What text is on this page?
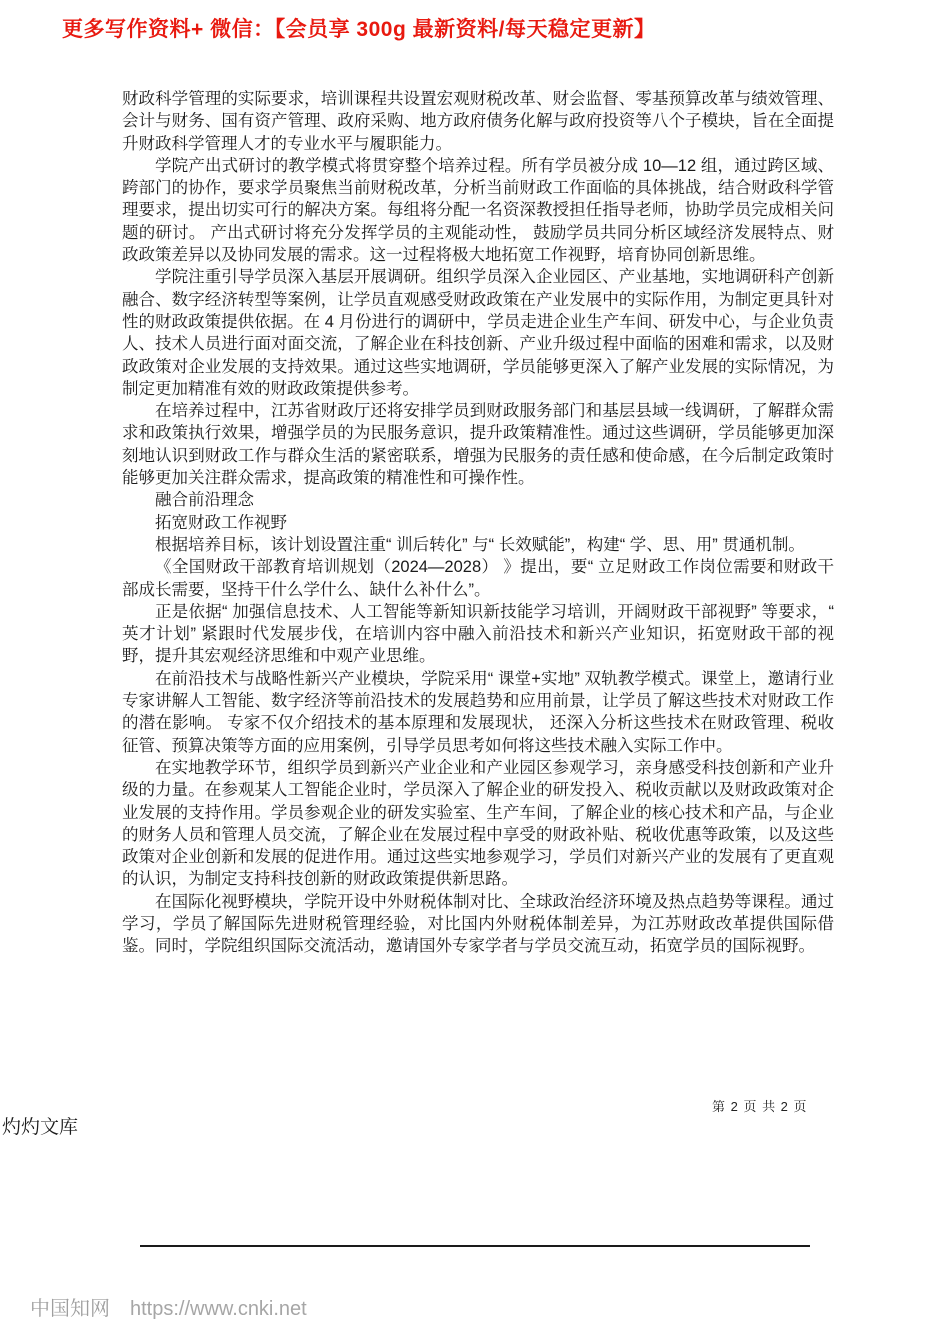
更多写作资料+ 微信：【会员享 300g 最新资料/每天稳定更新】

财政科学管理的实际要求，培训课程共设置宏观财税改革、财会监督、零基预算改革与绩效管理、会计与财务、国有资产管理、政府采购、地方政府债务化解与政府投资等八个子模块，旨在全面提升财政科学管理人才的专业水平与履职能力。

学院产出式研讨的教学模式将贯穿整个培养过程。所有学员被分成 10—12 组，通过跨区域、跨部门的协作，要求学员聚焦当前财税改革，分析当前财政工作面临的具体挑战，结合财政科学管理要求，提出切实可行的解决方案。每组将分配一名资深教授担任指导老师，协助学员完成相关问题的研讨。 产出式研讨将充分发挥学员的主观能动性， 鼓励学员共同分析区域经济发展特点、财政政策差异以及协同发展的需求。这一过程将极大地拓宽工作视野，培育协同创新思维。

学院注重引导学员深入基层开展调研。组织学员深入企业园区、产业基地，实地调研科产创新融合、数字经济转型等案例，让学员直观感受财政政策在产业发展中的实际作用，为制定更具针对性的财政政策提供依据。在 4 月份进行的调研中，学员走进企业生产车间、研发中心，与企业负责人、技术人员进行面对面交流，了解企业在科技创新、产业升级过程中面临的困难和需求，以及财政政策对企业发展的支持效果。通过这些实地调研，学员能够更深入了解产业发展的实际情况，为制定更加精准有效的财政政策提供参考。

在培养过程中，江苏省财政厅还将安排学员到财政服务部门和基层县域一线调研，了解群众需求和政策执行效果，增强学员的为民服务意识，提升政策精准性。通过这些调研，学员能够更加深刻地认识到财政工作与群众生活的紧密联系，增强为民服务的责任感和使命感，在今后制定政策时能够更加关注群众需求，提高政策的精准性和可操作性。

融合前沿理念

拓宽财政工作视野

根据培养目标，该计划设置注重“ 训后转化” 与“ 长效赋能”，构建“ 学、思、用” 贯通机制。

《全国财政干部教育培训规划（2024—2028） 》提出，要“ 立足财政工作岗位需要和财政干部成长需要，坚持干什么学什么、缺什么补什么”。

正是依据“ 加强信息技术、人工智能等新知识新技能学习培训，开阔财政干部视野” 等要求，“ 英才计划” 紧跟时代发展步伐，在培训内容中融入前沿技术和新兴产业知识，拓宽财政干部的视野，提升其宏观经济思维和中观产业思维。

在前沿技术与战略性新兴产业模块，学院采用“ 课堂+实地” 双轨教学模式。课堂上，邀请行业专家讲解人工智能、数字经济等前沿技术的发展趋势和应用前景，让学员了解这些技术对财政工作的潜在影响。 专家不仅介绍技术的基本原理和发展现状， 还深入分析这些技术在财政管理、税收征管、预算决策等方面的应用案例，引导学员思考如何将这些技术融入实际工作中。

在实地教学环节，组织学员到新兴产业企业和产业园区参观学习，亲身感受科技创新和产业升级的力量。在参观某人工智能企业时，学员深入了解企业的研发投入、税收贡献以及财政政策对企业发展的支持作用。学员参观企业的研发实验室、生产车间，了解企业的核心技术和产品，与企业的财务人员和管理人员交流，了解企业在发展过程中享受的财政补贴、税收优惠等政策，以及这些政策对企业创新和发展的促进作用。通过这些实地参观学习，学员们对新兴产业的发展有了更直观的认识，为制定支持科技创新的财政政策提供新思路。

在国际化视野模块，学院开设中外财税体制对比、全球政治经济环境及热点趋势等课程。通过学习，学员了解国际先进财税管理经验，对比国内外财税体制差异，为江苏财政改革提供国际借鉴。同时，学院组织国际交流活动，邀请国外专家学者与学员交流互动，拓宽学员的国际视野。

第 2 页 共 2 页
灼灼文库
中国知网 https://www.cnki.net
